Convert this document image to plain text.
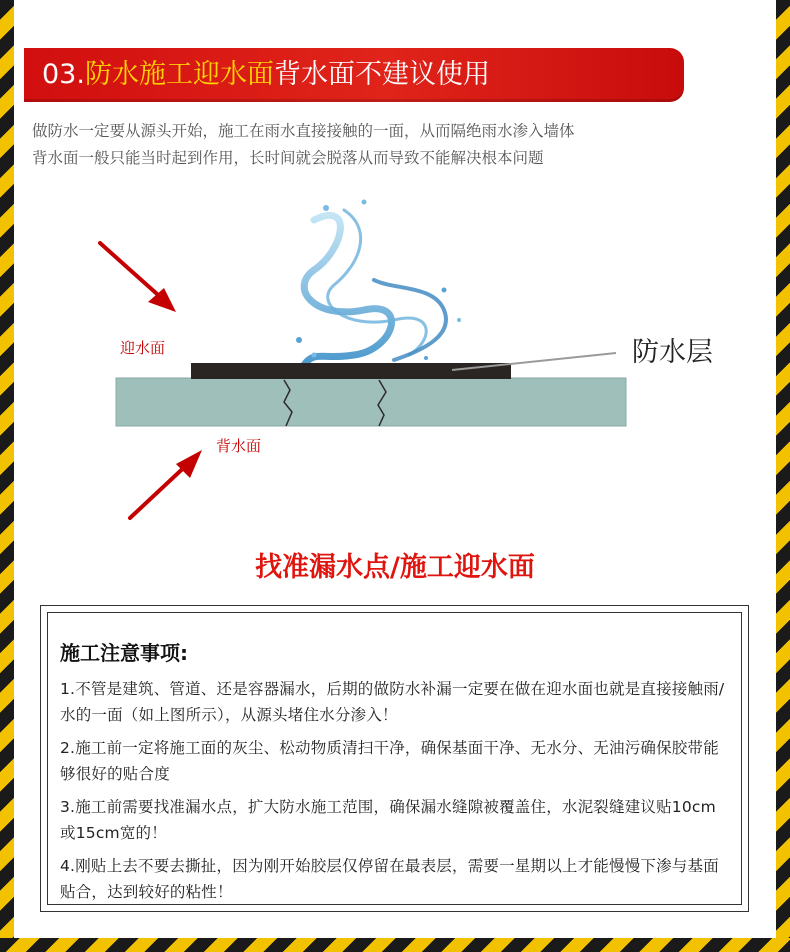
03.防水施工迎水面背水面不建议使用

做防水一定要从源头开始，施工在雨水直接接触的一面，从而隔绝雨水渗入墙体

背水面一般只能当时起到作用，长时间就会脱落从而导致不能解决根本问题

迎水面
背水面
防水层
找准漏水点/施工迎水面
施工注意事项:
1.不管是建筑、管道、还是容器漏水，后期的做防水补漏一定要在做在迎水面也就是直接接触雨/水的一面（如上图所示），从源头堵住水分渗入！
2.施工前一定将施工面的灰尘、松动物质清扫干净，确保基面干净、无水分、无油污确保胶带能够很好的贴合度
3.施工前需要找准漏水点，扩大防水施工范围，确保漏水缝隙被覆盖住，水泥裂缝建议贴10cm或15cm宽的！
4.刚贴上去不要去撕扯，因为刚开始胶层仅停留在最表层，需要一星期以上才能慢慢下渗与基面贴合，达到较好的粘性！
